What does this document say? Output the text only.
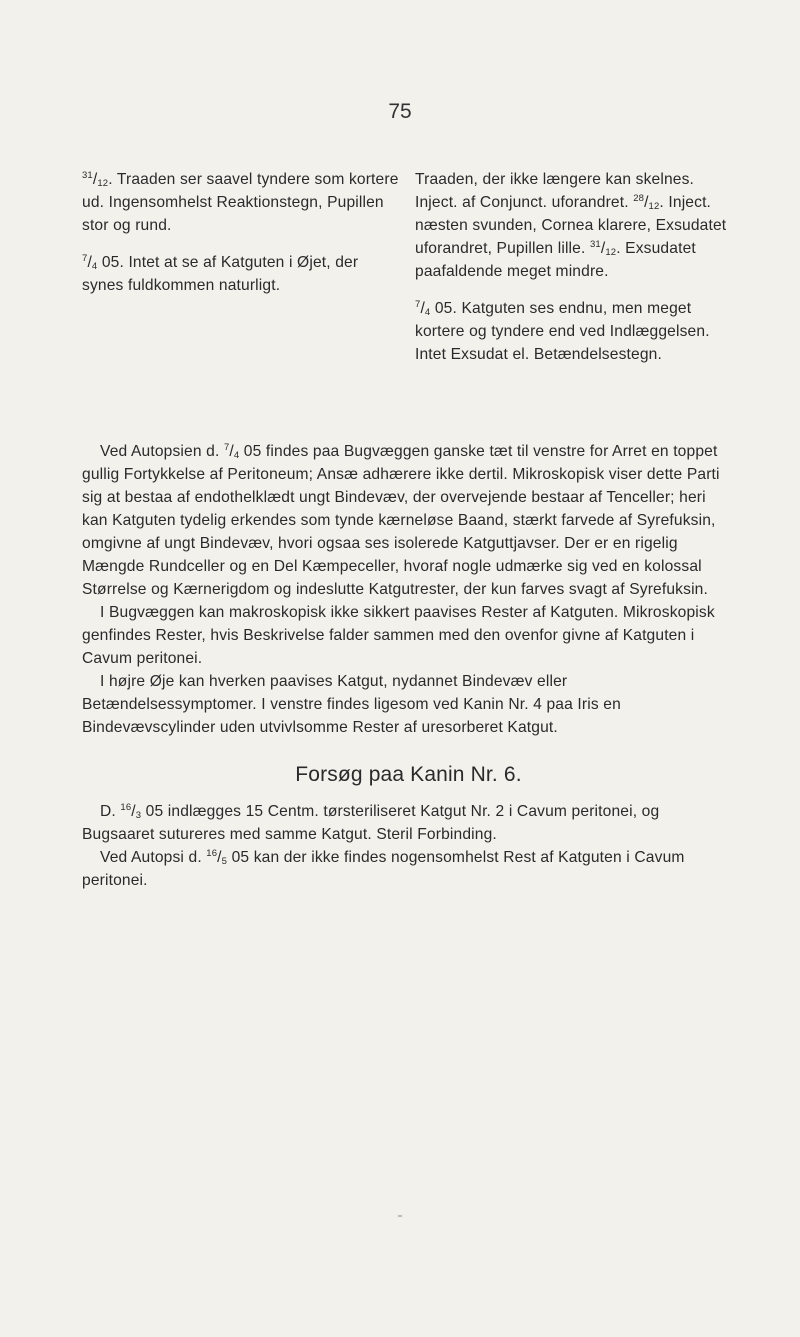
75

$^{31}/_{12}$. Traaden ser saavel tyndere som kortere ud. Ingensomhelst Reaktionstegn, Pupillen stor og rund.

$^7/_4$ 05. Intet at se af Katguten i Øjet, der synes fuldkommen naturligt.

Traaden, der ikke længere kan skelnes. Inject. af Conjunct. uforandret. $^{28}/_{12}$. Inject. næsten svunden, Cornea klarere, Exsudatet uforandret, Pupillen lille. $^{31}/_{12}$. Exsudatet paafaldende meget mindre.

$^7/_4$ 05. Katguten ses endnu, men meget kortere og tyndere end ved Indlæggelsen. Intet Exsudat el. Betændelsestegn.

Ved Autopsien d. $^7/_4$ 05 findes paa Bugvæggen ganske tæt til venstre for Arret en toppet gullig Fortykkelse af Peritoneum; Ansæ adhærere ikke dertil. Mikroskopisk viser dette Parti sig at bestaa af endothelklædt ungt Bindevæv, der overvejende bestaar af Tenceller; heri kan Katguten tydelig erkendes som tynde kærneløse Baand, stærkt farvede af Syrefuksin, omgivne af ungt Bindevæv, hvori ogsaa ses isolerede Katguttjavser. Der er en rigelig Mængde Rundceller og en Del Kæmpeceller, hvoraf nogle udmærke sig ved en kolossal Størrelse og Kærnerigdom og indeslutte Katgutrester, der kun farves svagt af Syrefuksin.

I Bugvæggen kan makroskopisk ikke sikkert paavises Rester af Katguten. Mikroskopisk genfindes Rester, hvis Beskrivelse falder sammen med den ovenfor givne af Katguten i Cavum peritonei.

I højre Øje kan hverken paavises Katgut, nydannet Bindevæv eller Betændelsessymptomer. I venstre findes ligesom ved Kanin Nr. 4 paa Iris en Bindevævscylinder uden utvivlsomme Rester af uresorberet Katgut.

Forsøg paa Kanin Nr. 6.

D. $^{16}/_3$ 05 indlægges 15 Centm. tørsteriliseret Katgut Nr. 2 i Cavum peritonei, og Bugsaaret sutureres med samme Katgut. Steril Forbinding.

Ved Autopsi d. $^{16}/_5$ 05 kan der ikke findes nogensomhelst Rest af Katguten i Cavum peritonei.
